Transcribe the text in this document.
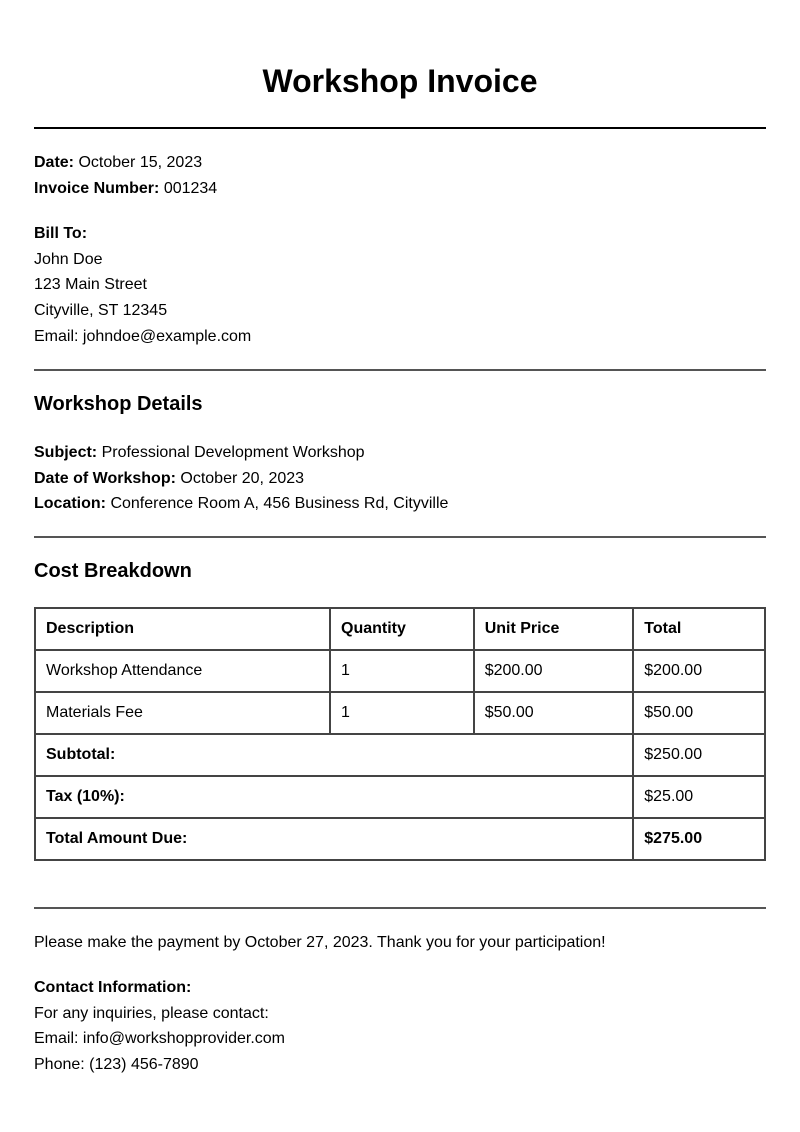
Workshop Invoice
Date: October 15, 2023
Invoice Number: 001234
Bill To:
John Doe
123 Main Street
Cityville, ST 12345
Email: johndoe@example.com
Workshop Details
Subject: Professional Development Workshop
Date of Workshop: October 20, 2023
Location: Conference Room A, 456 Business Rd, Cityville
Cost Breakdown
Description	Quantity	Unit Price	Total
Workshop Attendance	1	$200.00	$200.00
Materials Fee	1	$50.00	$50.00
Subtotal:			$250.00
Tax (10%):			$25.00
Total Amount Due:			$275.00
Please make the payment by October 27, 2023. Thank you for your participation!
Contact Information:
For any inquiries, please contact:
Email: info@workshopprovider.com
Phone: (123) 456-7890
